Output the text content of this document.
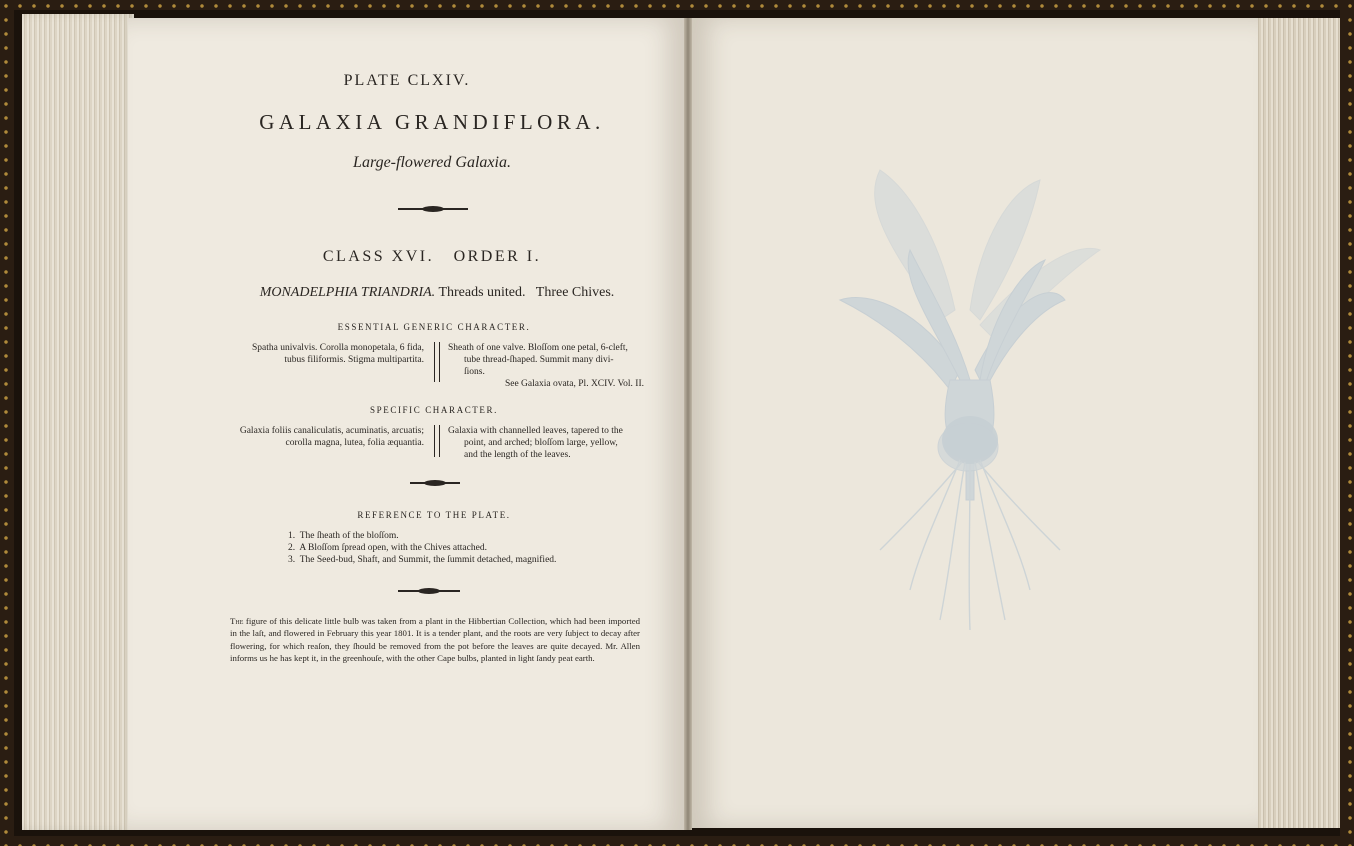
PLATE CLXIV.
GALAXIA GRANDIFLORA.
Large-flowered Galaxia.
CLASS XVI.   ORDER I.
MONADELPHIA TRIANDRIA. Threads united.   Three Chives.
ESSENTIAL GENERIC CHARACTER.
Spatha univalvis. Corolla monopetala, 6 fida,
tubus filiformis. Stigma multipartita.
Sheath of one valve. Bloſſom one petal, 6-cleft,
tube thread-ſhaped. Summit many divi-
ſions.
See Galaxia ovata, Pl. XCIV. Vol. II.
SPECIFIC CHARACTER.
Galaxia foliis canaliculatis, acuminatis, arcuatis;
corolla magna, lutea, folia æquantia.
Galaxia with channelled leaves, tapered to the
point, and arched; bloſſom large, yellow,
and the length of the leaves.
REFERENCE TO THE PLATE.
1.  The ſheath of the bloſſom.
2.  A Bloſſom ſpread open, with the Chives attached.
3.  The Seed-bud, Shaft, and Summit, the ſummit detached, magnified.
The figure of this delicate little bulb was taken from a plant in the Hibbertian Collection, which had been imported in the laſt, and flowered in February this year 1801. It is a tender plant, and the roots are very ſubject to decay after flowering, for which reaſon, they ſhould be removed from the pot before the leaves are quite decayed. Mr. Allen informs us he has kept it, in the greenhouſe, with the other Cape bulbs, planted in light ſandy peat earth.
